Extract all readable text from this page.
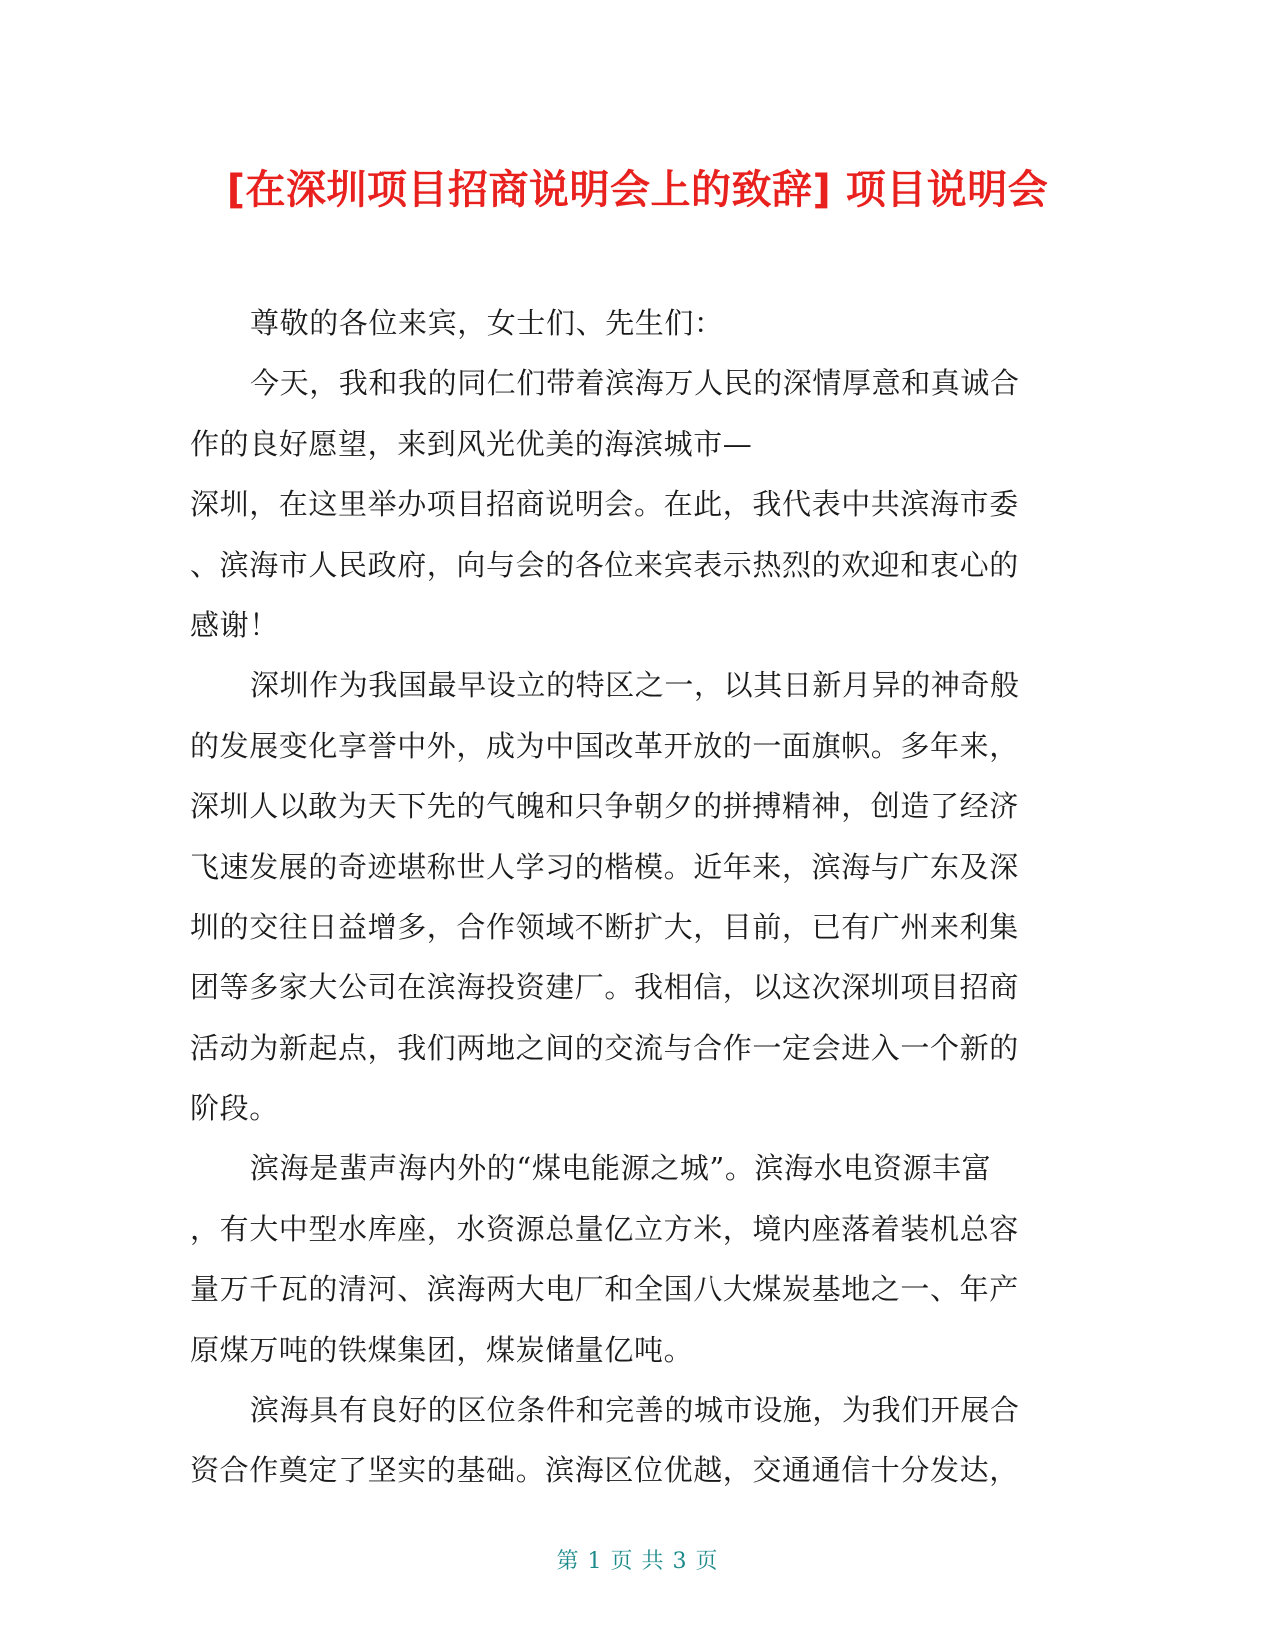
[在深圳项目招商说明会上的致辞] 项目说明会
尊敬的各位来宾，女士们、先生们：
今天，我和我的同仁们带着滨海万人民的深情厚意和真诚合
作的良好愿望，来到风光优美的海滨城市—
深圳，在这里举办项目招商说明会。在此，我代表中共滨海市委
、滨海市人民政府，向与会的各位来宾表示热烈的欢迎和衷心的
感谢！
深圳作为我国最早设立的特区之一，以其日新月异的神奇般
的发展变化享誉中外，成为中国改革开放的一面旗帜。多年来，
深圳人以敢为天下先的气魄和只争朝夕的拼搏精神，创造了经济
飞速发展的奇迹堪称世人学习的楷模。近年来，滨海与广东及深
圳的交往日益增多，合作领域不断扩大，目前，已有广州来利集
团等多家大公司在滨海投资建厂。我相信，以这次深圳项目招商
活动为新起点，我们两地之间的交流与合作一定会进入一个新的
阶段。
滨海是蜚声海内外的“煤电能源之城”。滨海水电资源丰富
，有大中型水库座，水资源总量亿立方米，境内座落着装机总容
量万千瓦的清河、滨海两大电厂和全国八大煤炭基地之一、年产
原煤万吨的铁煤集团，煤炭储量亿吨。
滨海具有良好的区位条件和完善的城市设施，为我们开展合
资合作奠定了坚实的基础。滨海区位优越，交通通信十分发达，
第 1 页 共 3 页
